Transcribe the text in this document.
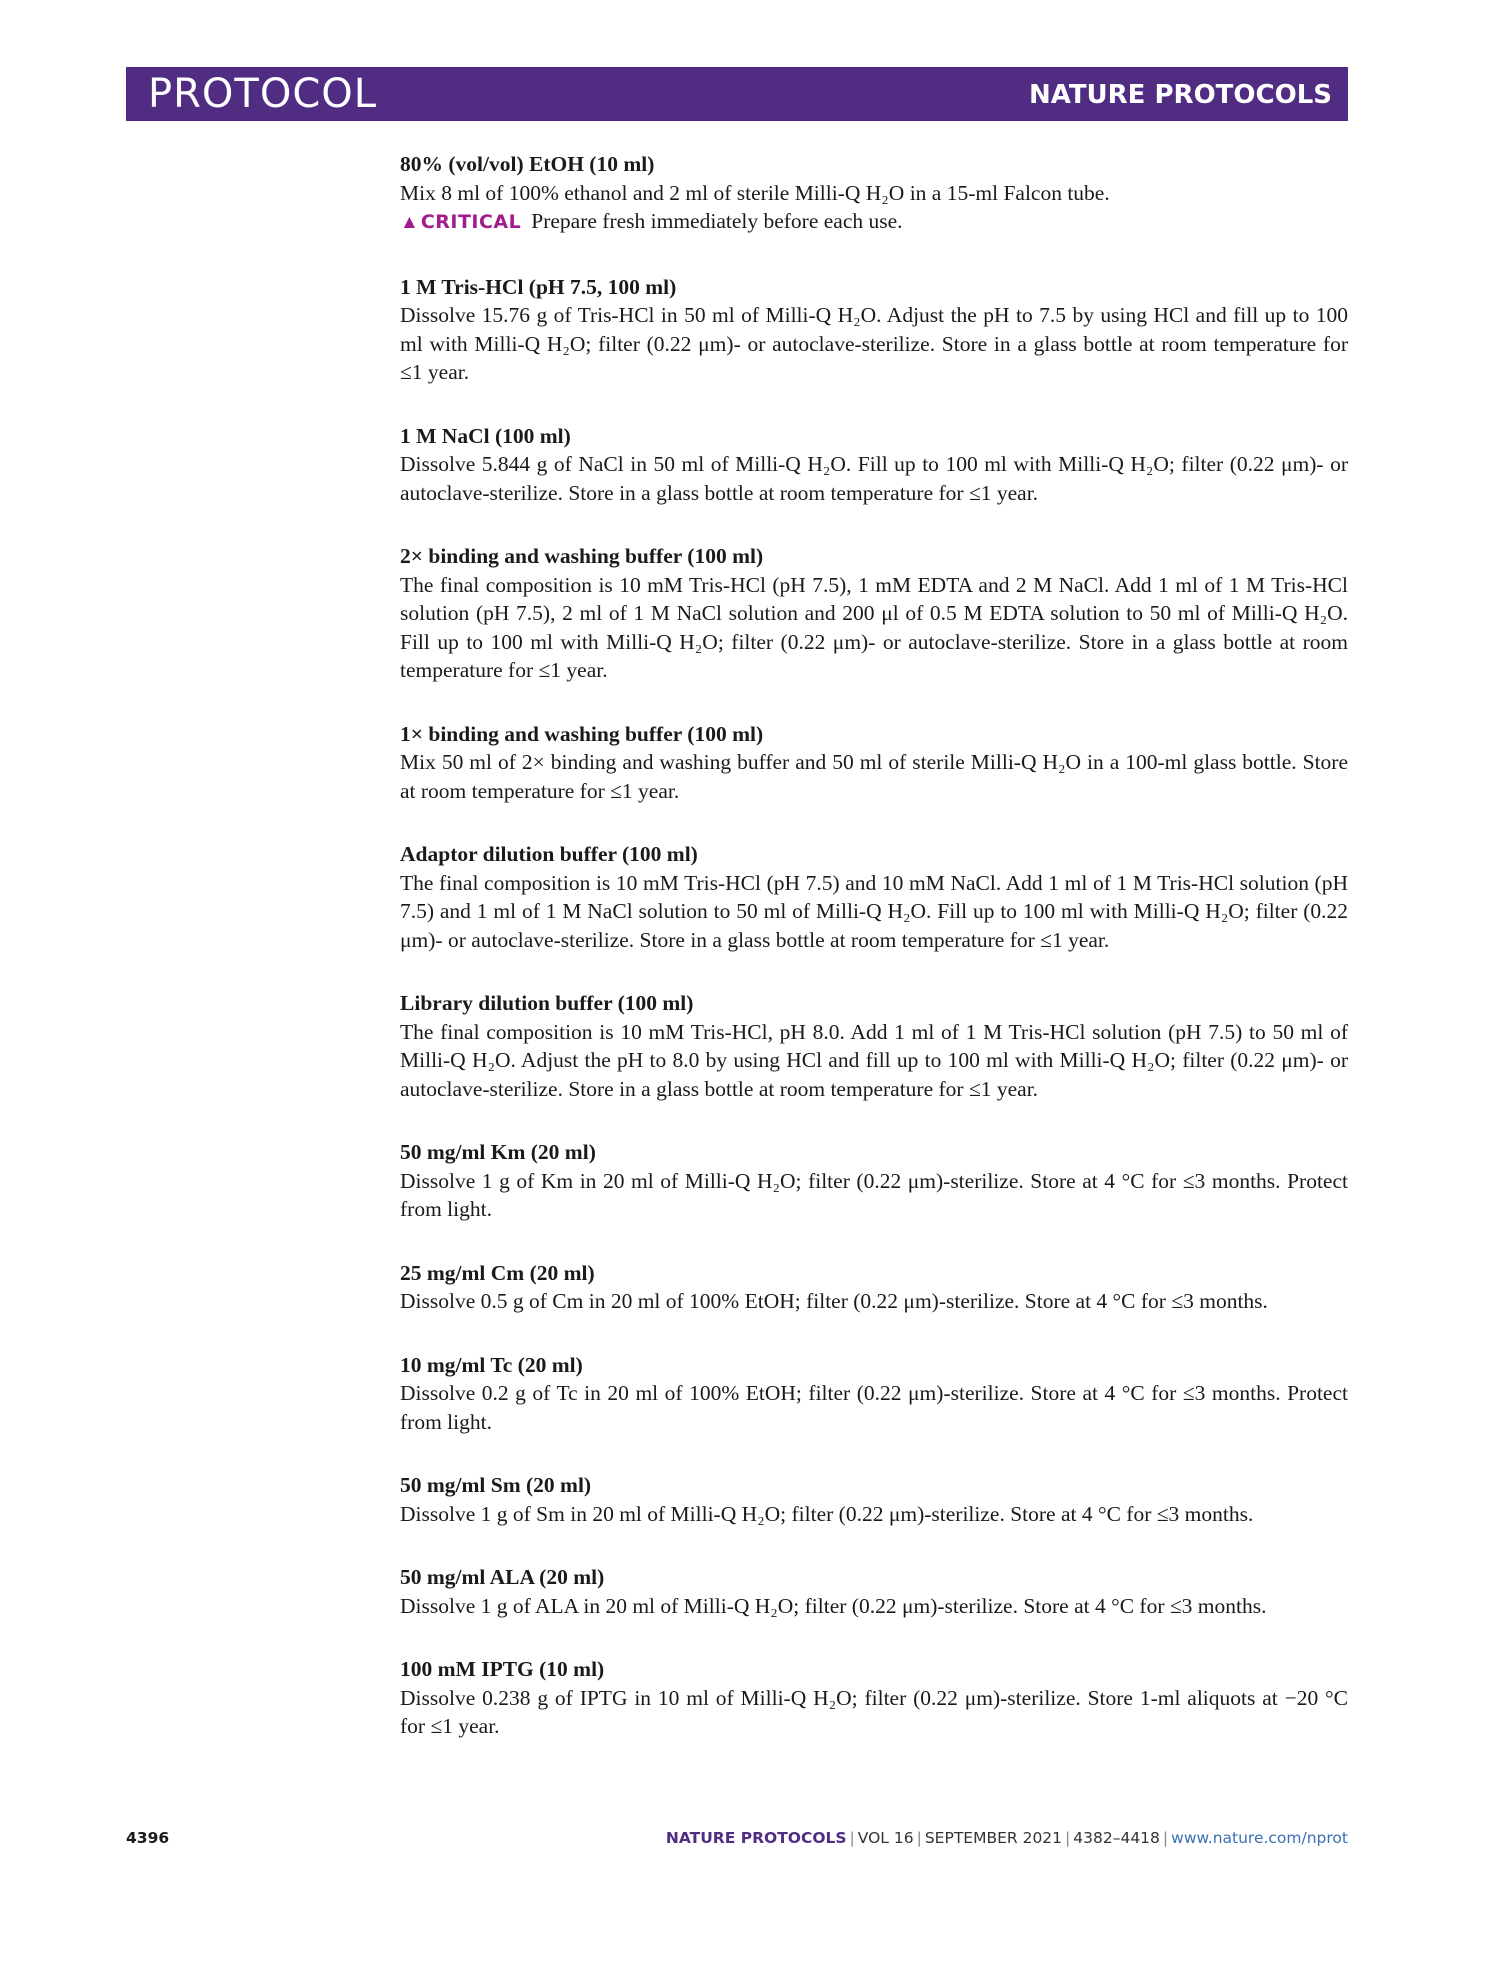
PROTOCOL	NATURE PROTOCOLS
80% (vol/vol) EtOH (10 ml)
Mix 8 ml of 100% ethanol and 2 ml of sterile Milli-Q H₂O in a 15-ml Falcon tube.
▲ CRITICAL Prepare fresh immediately before each use.
1 M Tris-HCl (pH 7.5, 100 ml)
Dissolve 15.76 g of Tris-HCl in 50 ml of Milli-Q H₂O. Adjust the pH to 7.5 by using HCl and fill up to 100 ml with Milli-Q H₂O; filter (0.22 μm)- or autoclave-sterilize. Store in a glass bottle at room temperature for ≤1 year.
1 M NaCl (100 ml)
Dissolve 5.844 g of NaCl in 50 ml of Milli-Q H₂O. Fill up to 100 ml with Milli-Q H₂O; filter (0.22 μm)- or autoclave-sterilize. Store in a glass bottle at room temperature for ≤1 year.
2× binding and washing buffer (100 ml)
The final composition is 10 mM Tris-HCl (pH 7.5), 1 mM EDTA and 2 M NaCl. Add 1 ml of 1 M Tris-HCl solution (pH 7.5), 2 ml of 1 M NaCl solution and 200 μl of 0.5 M EDTA solution to 50 ml of Milli-Q H₂O. Fill up to 100 ml with Milli-Q H₂O; filter (0.22 μm)- or autoclave-sterilize. Store in a glass bottle at room temperature for ≤1 year.
1× binding and washing buffer (100 ml)
Mix 50 ml of 2× binding and washing buffer and 50 ml of sterile Milli-Q H₂O in a 100-ml glass bottle. Store at room temperature for ≤1 year.
Adaptor dilution buffer (100 ml)
The final composition is 10 mM Tris-HCl (pH 7.5) and 10 mM NaCl. Add 1 ml of 1 M Tris-HCl solution (pH 7.5) and 1 ml of 1 M NaCl solution to 50 ml of Milli-Q H₂O. Fill up to 100 ml with Milli-Q H₂O; filter (0.22 μm)- or autoclave-sterilize. Store in a glass bottle at room temperature for ≤1 year.
Library dilution buffer (100 ml)
The final composition is 10 mM Tris-HCl, pH 8.0. Add 1 ml of 1 M Tris-HCl solution (pH 7.5) to 50 ml of Milli-Q H₂O. Adjust the pH to 8.0 by using HCl and fill up to 100 ml with Milli-Q H₂O; filter (0.22 μm)- or autoclave-sterilize. Store in a glass bottle at room temperature for ≤1 year.
50 mg/ml Km (20 ml)
Dissolve 1 g of Km in 20 ml of Milli-Q H₂O; filter (0.22 μm)-sterilize. Store at 4 °C for ≤3 months. Protect from light.
25 mg/ml Cm (20 ml)
Dissolve 0.5 g of Cm in 20 ml of 100% EtOH; filter (0.22 μm)-sterilize. Store at 4 °C for ≤3 months.
10 mg/ml Tc (20 ml)
Dissolve 0.2 g of Tc in 20 ml of 100% EtOH; filter (0.22 μm)-sterilize. Store at 4 °C for ≤3 months. Protect from light.
50 mg/ml Sm (20 ml)
Dissolve 1 g of Sm in 20 ml of Milli-Q H₂O; filter (0.22 μm)-sterilize. Store at 4 °C for ≤3 months.
50 mg/ml ALA (20 ml)
Dissolve 1 g of ALA in 20 ml of Milli-Q H₂O; filter (0.22 μm)-sterilize. Store at 4 °C for ≤3 months.
100 mM IPTG (10 ml)
Dissolve 0.238 g of IPTG in 10 ml of Milli-Q H₂O; filter (0.22 μm)-sterilize. Store 1-ml aliquots at −20 °C for ≤1 year.
4396	NATURE PROTOCOLS | VOL 16 | SEPTEMBER 2021 | 4382–4418 | www.nature.com/nprot
